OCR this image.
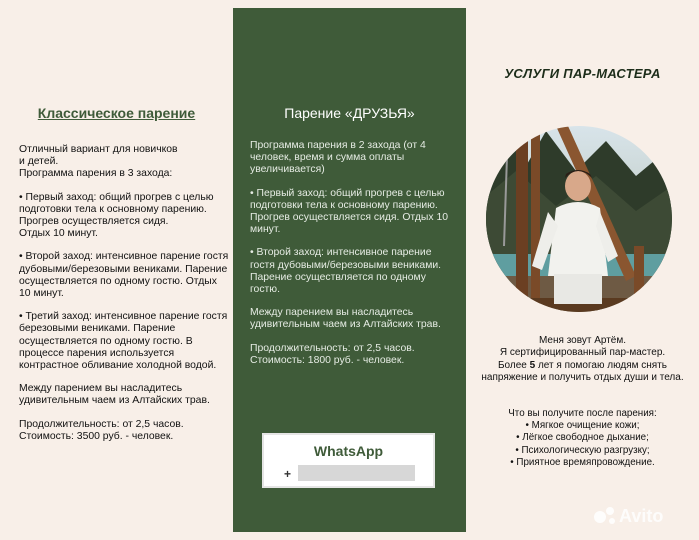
Классическое парение

Отличный вариант для новичков
и детей.
Программа парения в 3 захода:

• Первый заход: общий прогрев с целью подготовки тела к основному парению.
Прогрев осуществляется сидя.
Отдых 10 минут.

• Второй заход: интенсивное парение гостя дубовыми/березовыми вениками. Парение осуществляется по одному гостю. Отдых 10 минут.

• Третий заход: интенсивное парение гостя березовыми вениками. Парение осуществляется по одному гостю. В процессе парения используется контрастное обливание холодной водой.

Между парением вы насладитесь удивительным чаем из Алтайских трав.

Продолжительность: от 2,5 часов.
Стоимость: 3500 руб. - человек.

Парение «ДРУЗЬЯ»

Программа парения в 2 захода (от 4 человек, время и сумма оплаты увеличивается)

• Первый заход: общий прогрев с целью подготовки тела к основному парению.
Прогрев осуществляется сидя. Отдых 10 минут.

• Второй заход: интенсивное парение гостя дубовыми/березовыми вениками. Парение осуществляется по одному гостю.

Между парением вы насладитесь удивительным чаем из Алтайских трав.

Продолжительность: от 2,5 часов.
Стоимость: 1800 руб. - человек.

WhatsApp
+
УСЛУГИ ПАР-МАСТЕРА

Меня зовут Артём.

Я сертифицированный пар-мастер.

Более 5 лет я помогаю людям снять напряжение и получить отдых души и тела.

Что вы получите после парения:
• Мягкое очищение кожи;
• Лёгкое свободное дыхание;
• Психологическую разгрузку;
• Приятное времяпровождение.
Avito
